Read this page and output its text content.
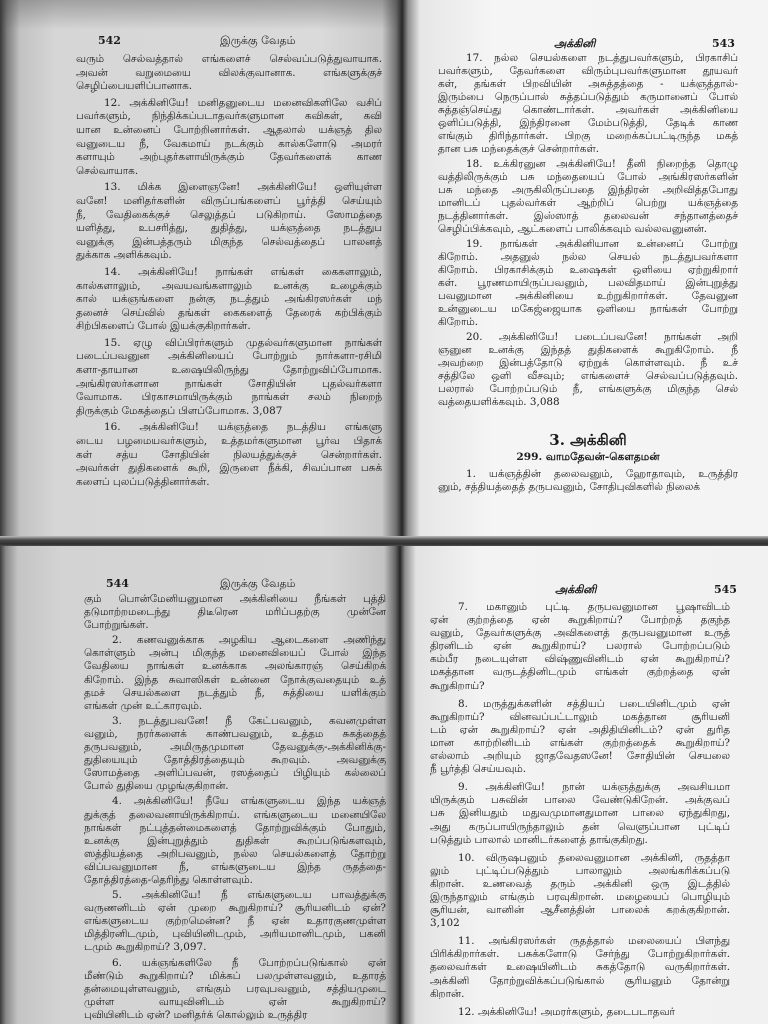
542	இருக்கு வேதம்
வரும் செல்வத்தால் எங்களைச் செல்வப்படுத்துவாயாக.
அவன் வறுமையை விலக்குவானாக. எங்களுக்குச்
செழிப்பையளிப்பானாக.
12. அக்கினியே! மனிதனுடைய மனைவிகளிலே வசிப்
பவர்களும், நிந்திக்கப்படாதவர்களுமான கவிகள், கவி
யான உன்னைப் போற்றினார்கள். ஆதலால் யக்ஞத் தில
வனுடைய நீ, வேகமாய் நடக்கும் கால்களோடு அமரர்
களாயும் அற்புதர்களாயிருக்கும் தேவர்களைக் காண
செல்வாயாக.
13. மிக்க இளைஞனே! அக்கினியே! ஒளியுள்ள
வனே! மனிதர்களின் விருப்பங்களைப் பூர்த்தி செய்யும்
நீ, வேதிகைக்குச் செலுத்தப் படுகிறாய். ஸோமத்தை
யளித்து, உபசரித்து, துதித்து, யக்ஞத்தை நடத்துப
வனுக்கு இன்பத்தரும் மிகுந்த செல்வத்தைப் பாலனத்
துக்காக அளிக்கவும்.
14. அக்கினியே! நாங்கள் எங்கள் கைகளாலும்,
கால்களாலும், அவயவங்களாலும் உனக்கு உழைக்கும்
கால் யக்ஞங்களை நன்கு நடத்தும் அங்கிரஸர்கள் மந்
தனைச் செய்வில் தங்கள் கைகளைத் தேரைக் கற்பிக்கும்
சிற்பிகளைப் போல் இயக்குகிறார்கள்.
15. ஏழு விப்பிரர்களும் முதல்வர்களுமான நாங்கள்
படைப்பவனுன அக்கினியைப் போற்றும் நார்களா-ரசிமி
களா-தாயான உஷையிலிருந்து தோற்றுவிப்போமாக.
அங்கிரஸர்களான நாங்கள் சோதியின் புதல்வர்களா
வோமாக. பிரகாசமாயிருக்கும் நாங்கள் சலம் நிறைந்
திருக்கும் மேகத்தைப் பிளப்போமாக. 3,087
16. அக்கினியே! யக்ஞத்தை நடத்திய எங்களு
டைய பழமையவர்களும், உத்தமர்களுமான பூர்வ பிதாக்
கள் சத்ய சோதியின் நிலயத்துக்குச் சென்றார்கள்.
அவர்கள் துதிகளைக் கூறி, இருளை நீக்கி, சிவப்பான பசுக்
களைப் புலப்படுத்தினார்கள்.
அக்கினி	543
17. நல்ல செயல்களை நடத்துபவர்களும், பிரகாசிப்
பவர்களும், தேவர்களை விரும்புபவர்களுமான தூயவர்
கள், தங்கள் பிறவியின் அசுத்தத்தை - யக்ஞத்தால்-
இரும்பை நெருப்பால் சுத்தப்படுத்தும் கருமானைப் போல்
சுத்தஞ்செய்து கொண்டார்கள். அவர்கள் அக்கினியை
ஒளிப்படுத்தி, இந்திரனை மேம்படுத்தி, தேடிக் காண
எங்கும் திரிந்தார்கள். பிறகு மறைக்கப்பட்டிருந்த மகத்
தான பசு மந்தைக்குச் சென்றார்கள்.
18. உக்கிரனுன அக்கினியே! தீனி நிறைந்த தொழு
வத்திலிருக்கும் பசு மந்தையைப் போல் அங்கிரஸர்களின்
பசு மந்தை அருகிலிருப்பதை இந்திரன் அறிவித்தபோது
மானிடப் புதல்வர்கள் ஆற்றிப் பெற்று யக்ஞத்தை
நடத்தினார்கள். இஸ்ஸாத் தலைவன் சந்தானத்தைச்
செழிப்பிக்கவும், ஆட்களைப் பாலிக்கவும் வல்லவனுனன்.
19. நாங்கள் அக்கினியான உன்னைப் போற்று
கிறோம். அதனுல் நல்ல செயல் நடத்துபவர்களா
கிறோம். பிரகாசிக்கும் உஷைகள் ஒளியை ஏற்றுகிறார்
கள். பூரணமாயிருப்பவனும், பலவிதமாய் இன்புறுத்து
பவனுமான அக்கினியை உற்றுகிறார்கள். தேவனுன
உன்னுடைய மகேஜ்ஜையாக ஒளியை நாங்கள் போற்று
கிறோம்.
20. அக்கினியே! படைப்பவனே! நாங்கள் அறி
ஞனுன உனக்கு இந்தத் துதிகளைக் கூறுகிறோம். நீ
அவற்றை இன்பத்தோடு ஏற்றுக் கொள்ளவும். நீ உச்
சத்திலே ஒளி வீசவும்; எங்களைச் செல்வப்படுத்தவும்.
பலரால் போற்றப்படும் நீ, எங்களுக்கு மிகுந்த செல்
வத்தையளிக்கவும். 3,088
3. அக்கினி
299. வாமதேவன்-கௌதமன்
1. யக்ஞத்தின் தலைவனும், ஹோதாவும், உருத்திர
னும், சத்தியத்தைத் தருபவனும், சோதிபுவிகளில் நிலைக்
544	இருக்கு வேதம்
கும் பொன்மேனியனுமான அக்கினியை நீங்கள் புத்தி
தடுமாற்றமடைந்து திடீரென மரிப்பதற்கு முன்னே
போற்றுங்கள்.
2. கணவனுக்காக அழகிய ஆடைகளை அணிந்து
கொள்ளும் அன்பு மிகுந்த மனைவியைப் போல் இந்த
வேதியை நாங்கள் உனக்காக அலங்காரஞ் செய்கிறக்
கிறோம். இந்த சுவாஸிகள் உன்னை நோக்குவதையும் உத்
தமச் செயல்களை நடத்தும் நீ, சுத்தியை யளிக்கும்
எங்கள் முன் உட்காரவும்.
3. நடத்துபவனே! நீ கேட்பவனும், கவனமுள்ள
வனும், நரர்களைக் காண்பவனும், உத்தம சுகத்தைத்
தருபவனும், அமிருதமுமான தேவனுக்கு-அக்கினிக்கு-
துதியையும் தோத்திரத்தையும் கூறவும். அவனுக்கு
ஸோமத்தை அளிப்பவன், ரஸத்தைப் பிழியும் கல்லைப்
போல் துதியை முழங்குகிறான்.
4. அக்கினியே! நீயே எங்களுடைய இந்த யக்ஞத்
துக்குத் தலைவனாயிருக்கிறாய். எங்களுடைய மனையிலே
நாங்கள் நட்புத்தன்மைகளைத் தோற்றுவிக்கும் போதும்,
உனக்கு இன்புறுத்தும் துதிகள் கூறப்படுங்களவும்,
ஸத்தியத்தை அறிபவனும், நல்ல செயல்களைத் தோற்று
விப்பவனுமான நீ, எங்களுடைய இந்த ருதத்தை-
தோத்திரத்தை-தெரிந்து கொள்ளவும்.
5. அக்கினியே! நீ எங்களுடைய பாவத்துக்கு
வருணனிடம் ஏன் முறை கூறுகிறாய்? சூரியனிடம் ஏன்?
எங்களுடைய குற்றமென்ன? நீ ஏன் உதாரகுணமுள்ள
மித்திரனிடமும், புவியினிடமும், அரியமானிடமும், பகனி
டமும் கூறுகிறாய்? 3,097.
6. யக்ஞங்களிலே நீ போற்றப்படுங்கால் ஏன்
மீண்டும் கூறுகிறாய்? மிக்கப் பலமுள்ளவனும், உதாரத்
தன்மையுள்ளவனும், எங்கும் பரவுபவனும், சத்தியமுடை
முள்ள வாயுவினிடம் ஏன் கூறுகிறாய்?
புவியினிடம் ஏன்? மனிதர்க் கொல்லும் உருத்திர
அக்கினி	545
7. மகானும் புட்டி தருபவனுமான பூஷாவிடம்
ஏன் குற்றத்தை ஏன் கூறுகிறாய்? போற்றத் தகுந்த
வனும், தேவர்களுக்கு அவிகளைத் தருபவனுமான உருத்
திரனிடம் ஏன் கூறுகிறாய்? பலரால் போற்றப்படும்
கம்பீர நடையுள்ள விஷ்ணுவினிடம் ஏன் கூறுகிறாய்?
மகத்தான வருடத்தினிடமும் எங்கள் குற்றத்தை ஏன்
கூறுகிறாய்?
8. மருத்துக்களின் சத்தியப் படையினிடமும் ஏன்
கூறுகிறாய்? வினவப்பட்டாலும் மகத்தான சூரியனி
டம் ஏன் கூறுகிறாய்? ஏன் அதிதியினிடம்? ஏன் துரித
மான காற்றினிடம் எங்கள் குற்றத்தைக் கூறுகிறாய்?
எல்லாம் அறியும் ஜாதவேதஸனே! சோதியின் செயலை
நீ பூர்த்தி செய்யவும்.
9. அக்கினியே! நான் யக்ஞத்துக்கு அவசியமா
யிருக்கும் பசுவின் பாலை வேண்டுகிறேன். அக்குவப்
பசு இனியதும் மதுவமுமானதுமான பாலை ஏந்துகிறது,
அது கருப்பாயிருந்தாலும் தன் வெளுப்பான புட்டிப்
படுத்தும் பாலால் மானிடர்களைத் தாங்குகிறது.
10. விருஷபனும் தலைவனுமான அக்கினி, ருதத்தா
லும் புட்டிப்படுத்தும் பாலாலும் அலங்கரிக்கப்படு
கிறான். உணவைத் தரும் அக்கினி ஒரு இடத்தில்
இருந்தாலும் எங்கும் பரவுகிறான். மழையைப் பொழியும்
சூரியன், வானின் ஆசீனத்தின் பாலைக் கறக்குகிறான்.
3,102
11. அங்கிரஸர்கள் ருதத்தால் மலையைப் பிளந்து
பிரிக்கிறார்கள். பசுக்களோடு சேர்ந்து போற்றுகிறார்கள்.
தலைவர்கள் உஷையினிடம் சுகத்தோடு வருகிறார்கள்.
அக்கினி தோற்றுவிக்கப்படுங்கால் சூரியனும் தோன்று
கிறான்.
12. அக்கினியே! அமரர்களும், தடைபடாதவர்
